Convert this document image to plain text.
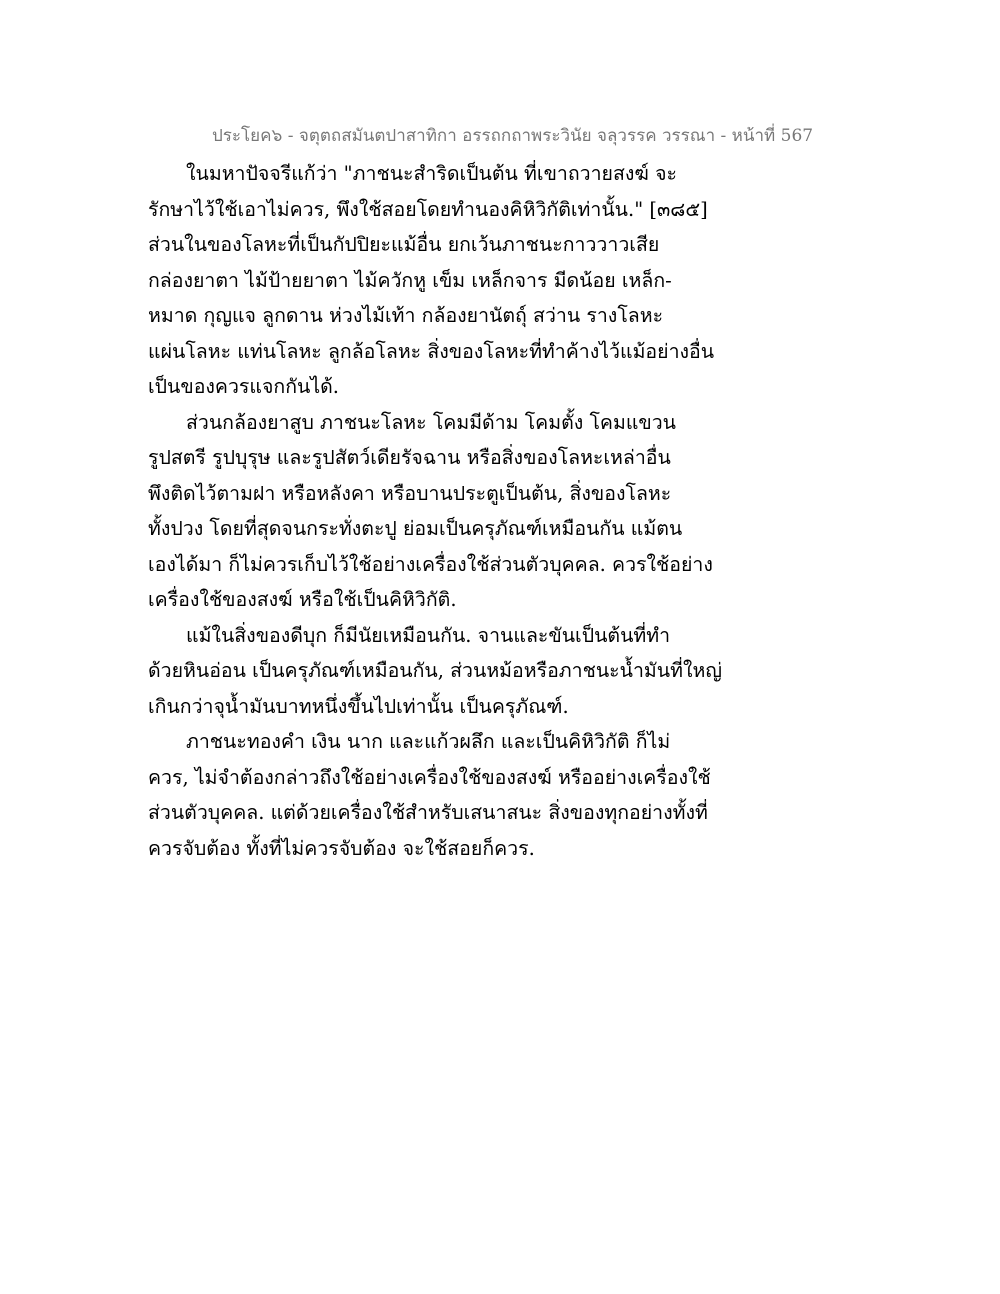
ประโยค๖ - จตุตถสมันตปาสาทิกา อรรถกถาพระวินัย จลุวรรค วรรณา - หน้าที่ 567
ในมหาปัจจรีแก้ว่า "ภาชนะสำริดเป็นต้น ที่เขาถวายสงฆ์ จะ
รักษาไว้ใช้เอาไม่ควร, พึงใช้สอยโดยทำนองคิหิวิกัติเท่านั้น." [๓๘๕]
ส่วนในของโลหะที่เป็นกัปปิยะแม้อื่น ยกเว้นภาชนะกาววาวเสีย
กล่องยาตา ไม้ป้ายยาตา ไม้ควักหู เข็ม เหล็กจาร มีดน้อย เหล็ก-
หมาด กุญแจ ลูกดาน ห่วงไม้เท้า กล้องยานัตถุ์ สว่าน รางโลหะ
แผ่นโลหะ แท่นโลหะ ลูกล้อโลหะ สิ่งของโลหะที่ทำค้างไว้แม้อย่างอื่น
เป็นของควรแจกกันได้.
ส่วนกล้องยาสูบ ภาชนะโลหะ โคมมีด้าม โคมตั้ง โคมแขวน
รูปสตรี รูปบุรุษ และรูปสัตว์เดียรัจฉาน หรือสิ่งของโลหะเหล่าอื่น
พึงติดไว้ตามฝา หรือหลังคา หรือบานประตูเป็นต้น, สิ่งของโลหะ
ทั้งปวง โดยที่สุดจนกระทั่งตะปู ย่อมเป็นครุภัณฑ์เหมือนกัน แม้ตน
เองได้มา ก็ไม่ควรเก็บไว้ใช้อย่างเครื่องใช้ส่วนตัวบุคคล. ควรใช้อย่าง
เครื่องใช้ของสงฆ์ หรือใช้เป็นคิหิวิกัติ.
แม้ในสิ่งของดีบุก ก็มีนัยเหมือนกัน. จานและขันเป็นต้นที่ทำ
ด้วยหินอ่อน เป็นครุภัณฑ์เหมือนกัน, ส่วนหม้อหรือภาชนะน้ำมันที่ใหญ่
เกินกว่าจุน้ำมันบาทหนึ่งขึ้นไปเท่านั้น เป็นครุภัณฑ์.
ภาชนะทองคำ เงิน นาก และแก้วผลึก และเป็นคิหิวิกัติ ก็ไม่
ควร, ไม่จำต้องกล่าวถึงใช้อย่างเครื่องใช้ของสงฆ์ หรืออย่างเครื่องใช้
ส่วนตัวบุคคล. แต่ด้วยเครื่องใช้สำหรับเสนาสนะ สิ่งของทุกอย่างทั้งที่
ควรจับต้อง ทั้งที่ไม่ควรจับต้อง จะใช้สอยก็ควร.
